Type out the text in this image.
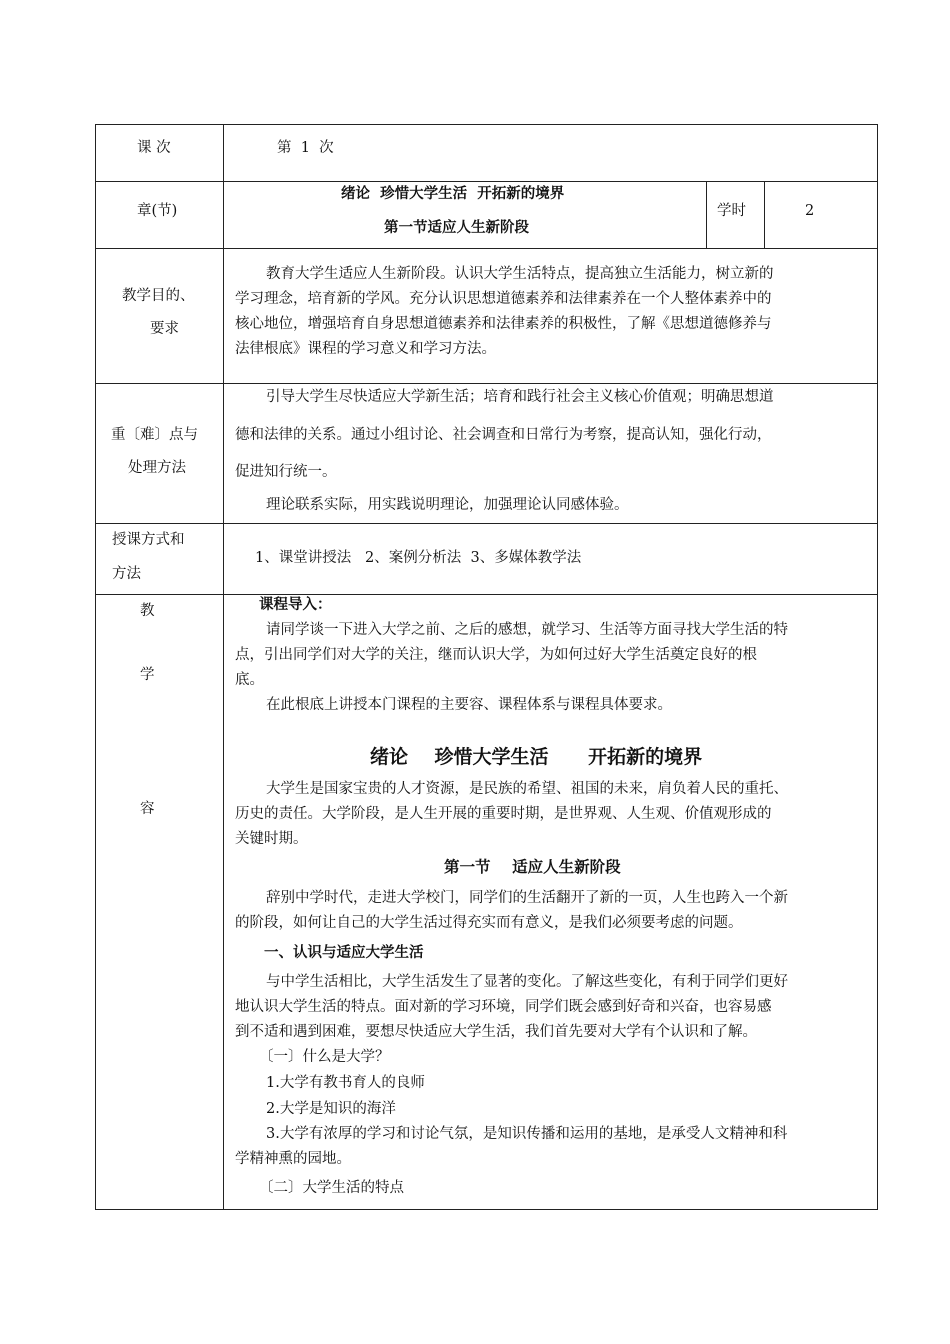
课 次	第  1  次
章(节)
绪论  珍惜大学生活  开拓新的境界
第一节适应人生新阶段
学时	2
教学目的、
要求
教育大学生适应人生新阶段。认识大学生活特点，提高独立生活能力，树立新的
学习理念，培育新的学风。充分认识思想道德素养和法律素养在一个人整体素养中的
核心地位，增强培育自身思想道德素养和法律素养的积极性，了解《思想道德修养与
法律根底》课程的学习意义和学习方法。
重〔难〕点与
处理方法
引导大学生尽快适应大学新生活；培育和践行社会主义核心价值观；明确思想道
德和法律的关系。通过小组讨论、社会调查和日常行为考察，提高认知，强化行动，
促进知行统一。
理论联系实际，用实践说明理论，加强理论认同感体验。
授课方式和
方法
1、课堂讲授法   2、案例分析法  3、多媒体教学法
教
学
容
课程导入：
请同学谈一下进入大学之前、之后的感想，就学习、生活等方面寻找大学生活的特
点，引出同学们对大学的关注，继而认识大学，为如何过好大学生活奠定良好的根
底。
在此根底上讲授本门课程的主要容、课程体系与课程具体要求。
绪论    珍惜大学生活      开拓新的境界
大学生是国家宝贵的人才资源，是民族的希望、祖国的未来，肩负着人民的重托、
历史的责任。大学阶段，是人生开展的重要时期，是世界观、人生观、价值观形成的
关键时期。
第一节    适应人生新阶段
辞别中学时代，走进大学校门，同学们的生活翻开了新的一页，人生也跨入一个新
的阶段，如何让自己的大学生活过得充实而有意义，是我们必须要考虑的问题。
一、认识与适应大学生活
与中学生活相比，大学生活发生了显著的变化。了解这些变化，有利于同学们更好
地认识大学生活的特点。面对新的学习环境，同学们既会感到好奇和兴奋，也容易感
到不适和遇到困难，要想尽快适应大学生活，我们首先要对大学有个认识和了解。
〔一〕什么是大学？
1.大学有教书育人的良师
2.大学是知识的海洋
3.大学有浓厚的学习和讨论气氛，是知识传播和运用的基地，是承受人文精神和科
学精神熏的园地。
〔二〕大学生活的特点
